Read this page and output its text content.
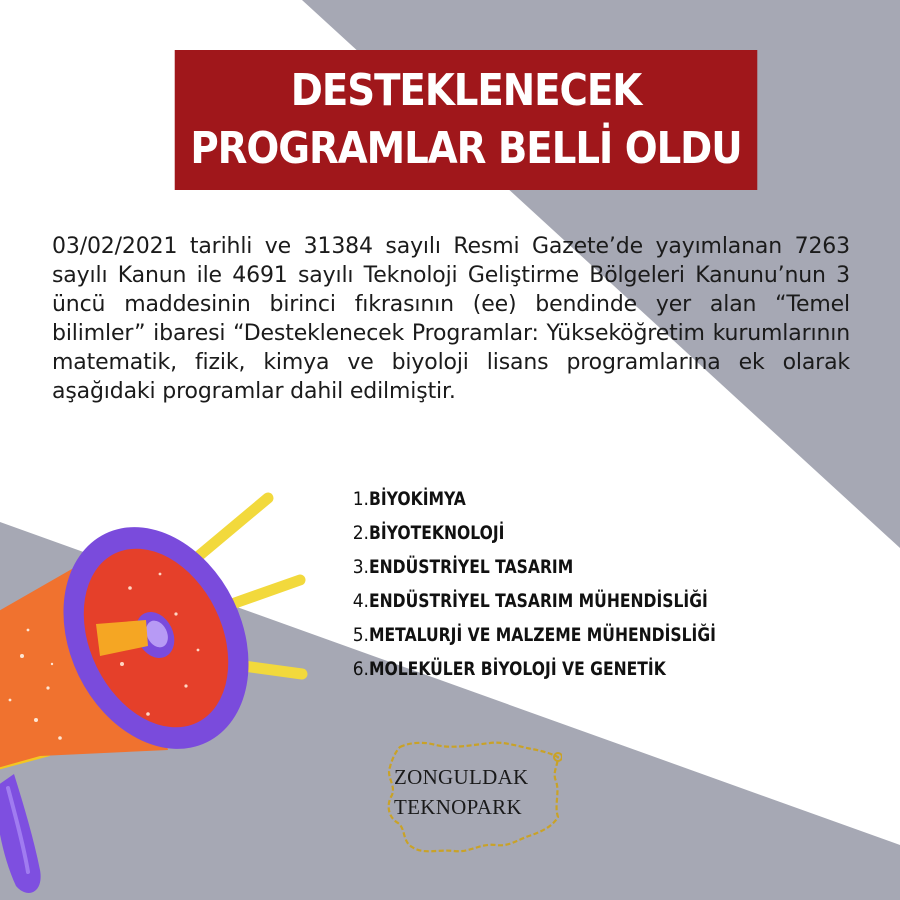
DESTEKLENECEK
PROGRAMLAR BELLİ OLDU
03/02/2021 tarihli ve 31384 sayılı Resmi Gazete’de yayımlanan 7263 sayılı Kanun ile 4691 sayılı Teknoloji Geliştirme Bölgeleri Kanunu’nun 3 üncü maddesinin birinci fıkrasının (ee) bendinde yer alan “Temel bilimler” ibaresi “Desteklenecek Programlar: Yükseköğretim kurumlarının matematik, fizik, kimya ve biyoloji lisans programlarına ek olarak aşağıdaki programlar dahil edilmiştir.
1. BİYOKİMYA
2. BİYOTEKNOLOJİ
3. ENDÜSTRİYEL TASARIM
4. ENDÜSTRİYEL TASARIM MÜHENDİSLİĞİ
5. METALURJİ VE MALZEME MÜHENDİSLİĞİ
6. MOLEKÜLER BİYOLOJİ VE GENETİK
ZONGULDAK
TEKNOPARK
